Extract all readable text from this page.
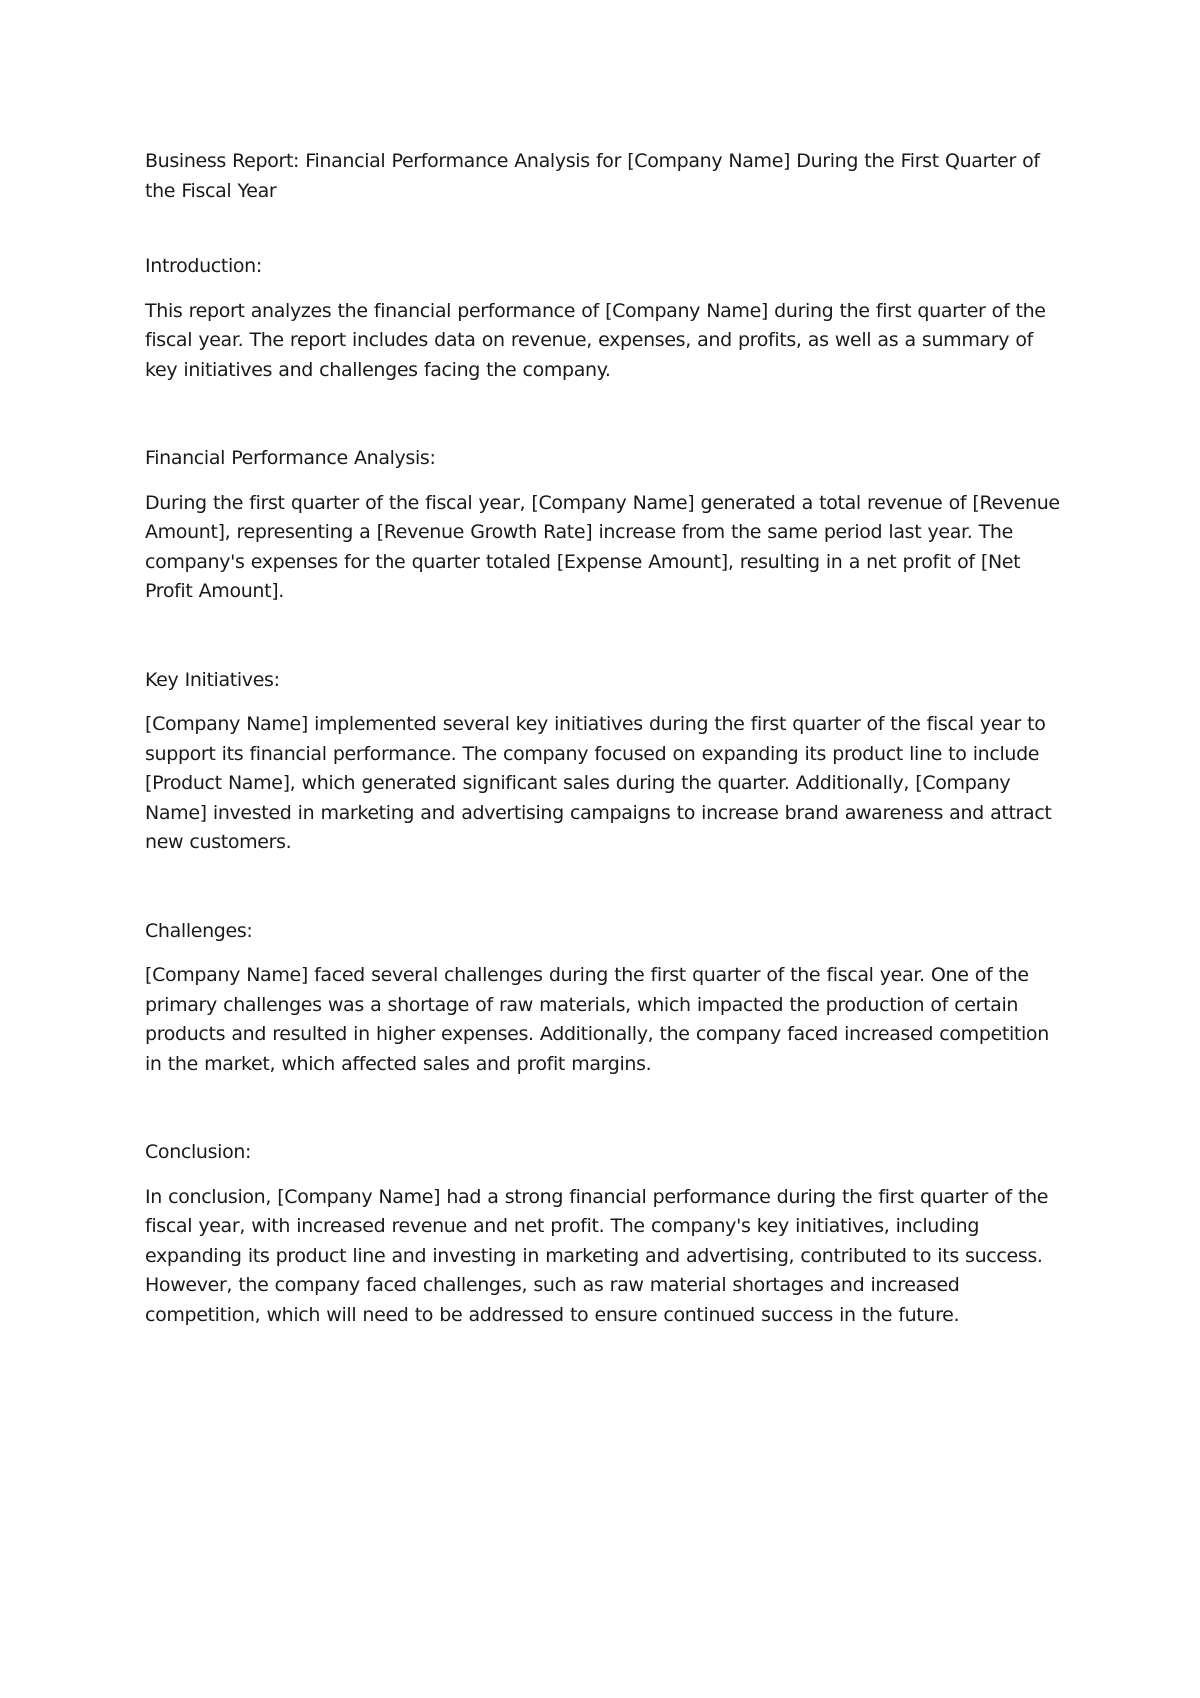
Business Report: Financial Performance Analysis for [Company Name] During the First Quarter of the Fiscal Year

Introduction:

This report analyzes the financial performance of [Company Name] during the first quarter of the fiscal year. The report includes data on revenue, expenses, and profits, as well as a summary of key initiatives and challenges facing the company.

Financial Performance Analysis:

During the first quarter of the fiscal year, [Company Name] generated a total revenue of [Revenue Amount], representing a [Revenue Growth Rate] increase from the same period last year. The company's expenses for the quarter totaled [Expense Amount], resulting in a net profit of [Net Profit Amount].

Key Initiatives:

[Company Name] implemented several key initiatives during the first quarter of the fiscal year to support its financial performance. The company focused on expanding its product line to include [Product Name], which generated significant sales during the quarter. Additionally, [Company Name] invested in marketing and advertising campaigns to increase brand awareness and attract new customers.

Challenges:

[Company Name] faced several challenges during the first quarter of the fiscal year. One of the primary challenges was a shortage of raw materials, which impacted the production of certain products and resulted in higher expenses. Additionally, the company faced increased competition in the market, which affected sales and profit margins.

Conclusion:

In conclusion, [Company Name] had a strong financial performance during the first quarter of the fiscal year, with increased revenue and net profit. The company's key initiatives, including expanding its product line and investing in marketing and advertising, contributed to its success. However, the company faced challenges, such as raw material shortages and increased competition, which will need to be addressed to ensure continued success in the future.
